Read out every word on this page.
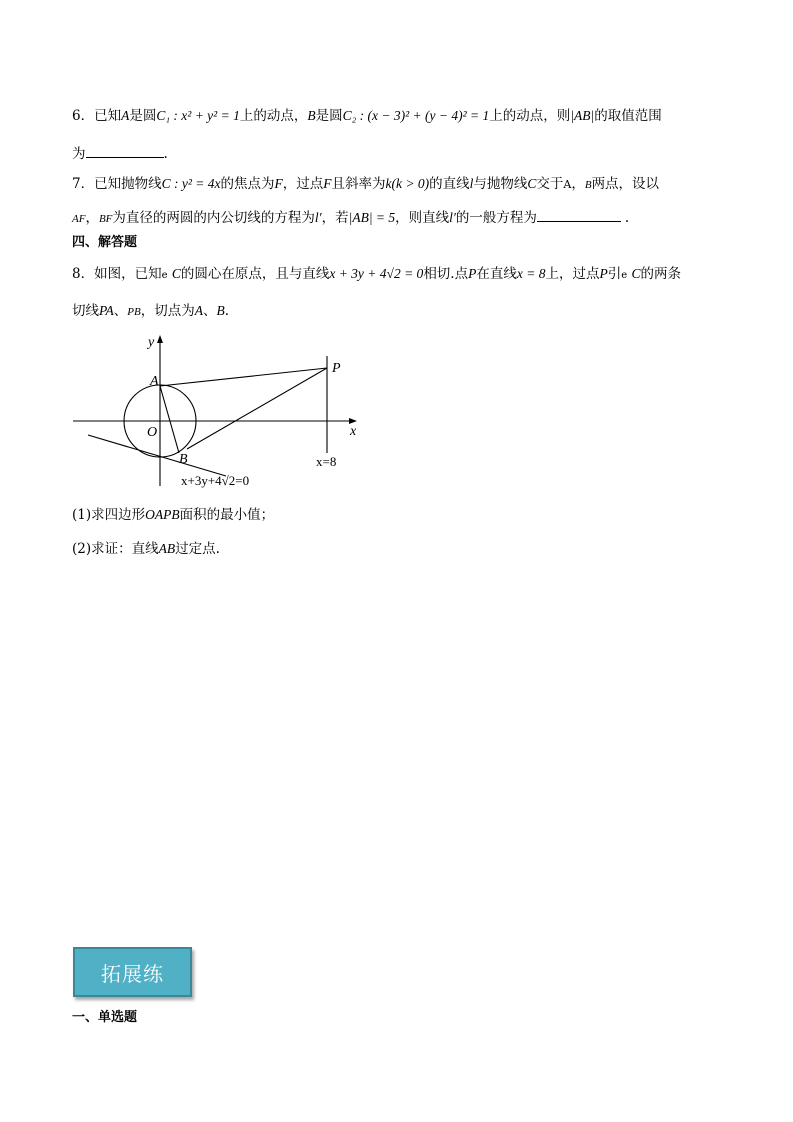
6．已知A是圆C₁ : x² + y² = 1上的动点，B是圆C₂ : (x − 3)² + (y − 4)² = 1上的动点，则|AB|的取值范围
为	.
7．已知抛物线C : y² = 4x的焦点为F，过点F且斜率为k(k > 0)的直线l与抛物线C交于A，B两点，设以
AF，BF为直径的两圆的内公切线的方程为l′，若|AB| = 5，则直线l′的一般方程为	.
四、解答题
8．如图，已知e C的圆心在原点，且与直线x + 3y + 4√2 = 0相切.点P在直线x = 8上，过点P引e C的两条
切线PA、PB，切点为A、B.
y
x
A
P
O
B	x=8
x+3y+4√2=0
(1)求四边形OAPB面积的最小值；
(2)求证：直线AB过定点.
拓展练
一、单选题
